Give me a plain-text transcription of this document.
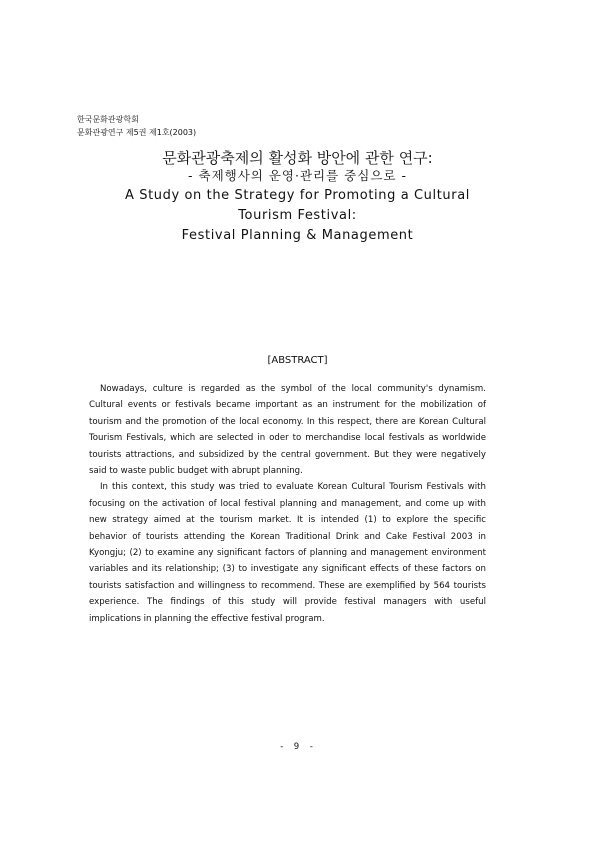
한국문화관광학회
문화관광연구 제5권 제1호(2003)
문화관광축제의 활성화 방안에 관한 연구:
- 축제행사의 운영·관리를 중심으로 -
A Study on the Strategy for Promoting a Cultural
Tourism Festival:
Festival Planning & Management
[ABSTRACT]

Nowadays, culture is regarded as the symbol of the local community's dynamism. Cultural events or festivals became important as an instrument for the mobilization of tourism and the promotion of the local economy. In this respect, there are Korean Cultural Tourism Festivals, which are selected in oder to merchandise local festivals as worldwide tourists attractions, and subsidized by the central government. But they were negatively said to waste public budget with abrupt planning.

In this context, this study was tried to evaluate Korean Cultural Tourism Festivals with focusing on the activation of local festival planning and management, and come up with new strategy aimed at the tourism market. It is intended (1) to explore the specific behavior of tourists attending the Korean Traditional Drink and Cake Festival 2003 in Kyongju; (2) to examine any significant factors of planning and management environment variables and its relationship; (3) to investigate any significant effects of these factors on tourists satisfaction and willingness to recommend. These are exemplified by 564 tourists experience. The findings of this study will provide festival managers with useful implications in planning the effective festival program.

- 9 -
